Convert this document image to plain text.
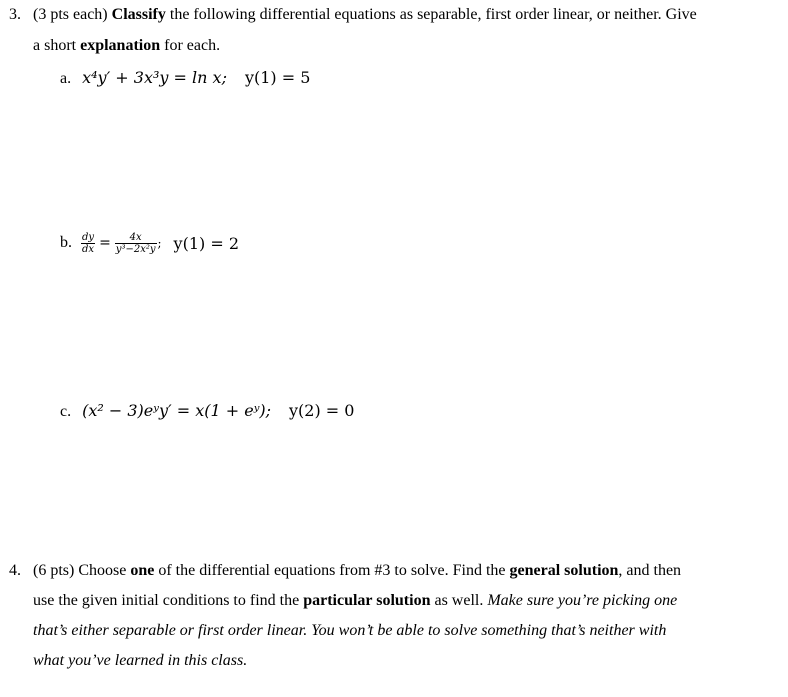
3. (3 pts each) Classify the following differential equations as separable, first order linear, or neither. Give
a short explanation for each.
a. x⁴y′ + 3x³y = ln x; y(1) = 5
b. $\frac{dy}{dx} = \frac{4x}{\text{y³−2x²y}}$ ; y(1) = 2
c. (x² − 3)eʸy′ = x(1 + eʸ); y(2) = 0
4. (6 pts) Choose one of the differential equations from #3 to solve. Find the general solution, and then
use the given initial conditions to find the particular solution as well. Make sure you’re picking one
that’s either separable or first order linear. You won’t be able to solve something that’s neither with
what you’ve learned in this class.
